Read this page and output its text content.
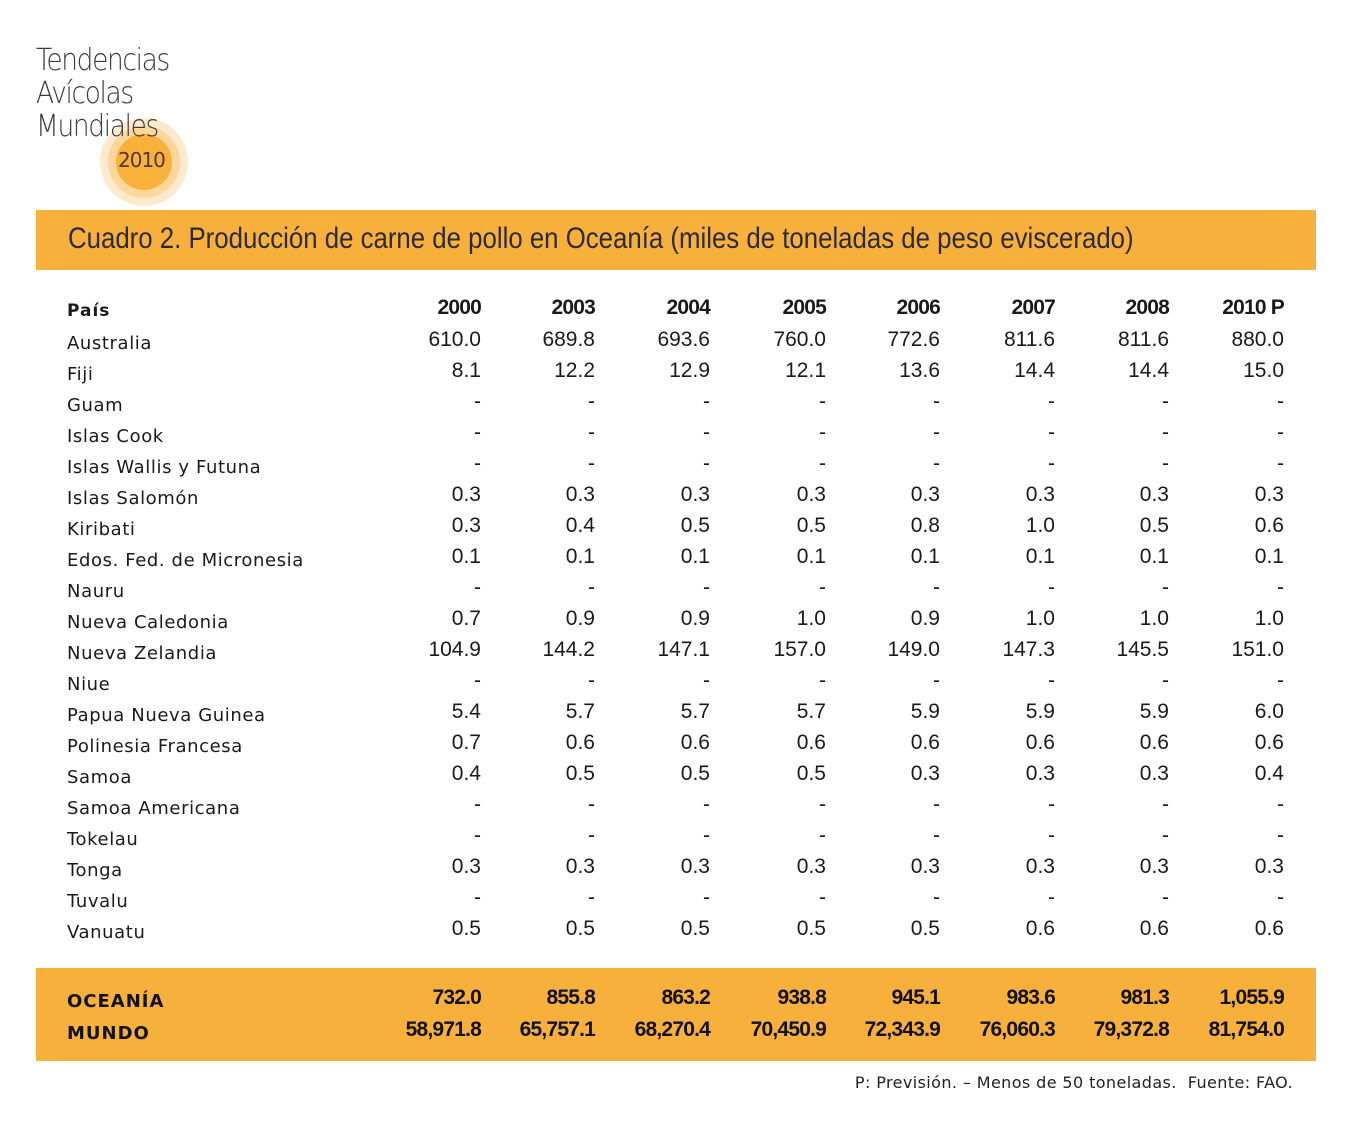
Tendencias
Avícolas
Mundiales
2010
Cuadro 2. Producción de carne de pollo en Oceanía (miles de toneladas de peso eviscerado)
País	2000	2003	2004	2005	2006	2007	2008	2010 P
Australia	610.0	689.8	693.6	760.0	772.6	811.6	811.6	880.0
Fiji	8.1	12.2	12.9	12.1	13.6	14.4	14.4	15.0
Guam	-	-	-	-	-	-	-	-
Islas Cook	-	-	-	-	-	-	-	-
Islas Wallis y Futuna	-	-	-	-	-	-	-	-
Islas Salomón	0.3	0.3	0.3	0.3	0.3	0.3	0.3	0.3
Kiribati	0.3	0.4	0.5	0.5	0.8	1.0	0.5	0.6
Edos. Fed. de Micronesia	0.1	0.1	0.1	0.1	0.1	0.1	0.1	0.1
Nauru	-	-	-	-	-	-	-	-
Nueva Caledonia	0.7	0.9	0.9	1.0	0.9	1.0	1.0	1.0
Nueva Zelandia	104.9	144.2	147.1	157.0	149.0	147.3	145.5	151.0
Niue	-	-	-	-	-	-	-	-
Papua Nueva Guinea	5.4	5.7	5.7	5.7	5.9	5.9	5.9	6.0
Polinesia Francesa	0.7	0.6	0.6	0.6	0.6	0.6	0.6	0.6
Samoa	0.4	0.5	0.5	0.5	0.3	0.3	0.3	0.4
Samoa Americana	-	-	-	-	-	-	-	-
Tokelau	-	-	-	-	-	-	-	-
Tonga	0.3	0.3	0.3	0.3	0.3	0.3	0.3	0.3
Tuvalu	-	-	-	-	-	-	-	-
Vanuatu	0.5	0.5	0.5	0.5	0.5	0.6	0.6	0.6
OCEANÍA	732.0	855.8	863.2	938.8	945.1	983.6	981.3	1,055.9
MUNDO	58,971.8	65,757.1	68,270.4	70,450.9	72,343.9	76,060.3	79,372.8	81,754.0
P: Previsión. – Menos de 50 toneladas.  Fuente: FAO.
